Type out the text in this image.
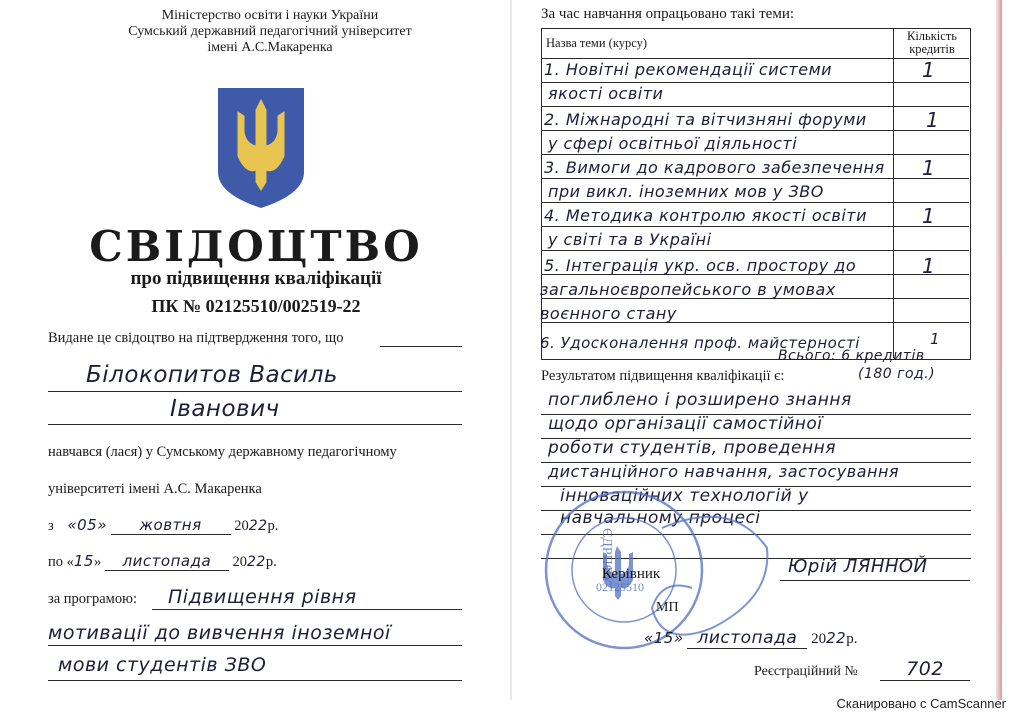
Міністерство освіти і науки України
Сумський державний педагогічний університет
імені А.С.Макаренка
СВІДОЦТВО
про підвищення кваліфікації
ПК № 02125510/002519-22
Видане це свідоцтво на підтвердження того, що
Білокопитов Василь
Іванович
навчався (лася) у Сумському державному педагогічному
університеті імені А.С. Макаренка
з «05» жовтня 2022р.
по «15» листопада 2022р.
за програмою: Підвищення рівня
мотивації до вивчення іноземної
мови студентів ЗВО
За час навчання опрацьовано такі теми:
Назва теми (курсу)	Кількість
кредитів
1. Новітні рекомендації системи
якості освіти
1
2. Міжнародні та вітчизняні форуми
у сфері освітньої діяльності
1
3. Вимоги до кадрового забезпечення
при викл. іноземних мов у ЗВО
1
4. Методика контролю якості освіти
у світі та в Україні
1
5. Інтеграція укр. осв. простору до
загальноєвропейського в умовах
воєнного стану
1
6. Удосконалення проф. майстерності	1
Всього: 6 кредитів
(180 год.)
Результатом підвищення кваліфікації є:
поглиблено і розширено знання
щодо організації самостійної
роботи студентів, проведення
дистанційного навчання, застосування
інноваційних технологій у
навчальному процесі
ЄДРПОУ
02125510
Керівник	Юрій ЛЯННОЙ
МП
«15» листопада 2022р.
Реєстраційний №	702
Сканировано с CamScanner
